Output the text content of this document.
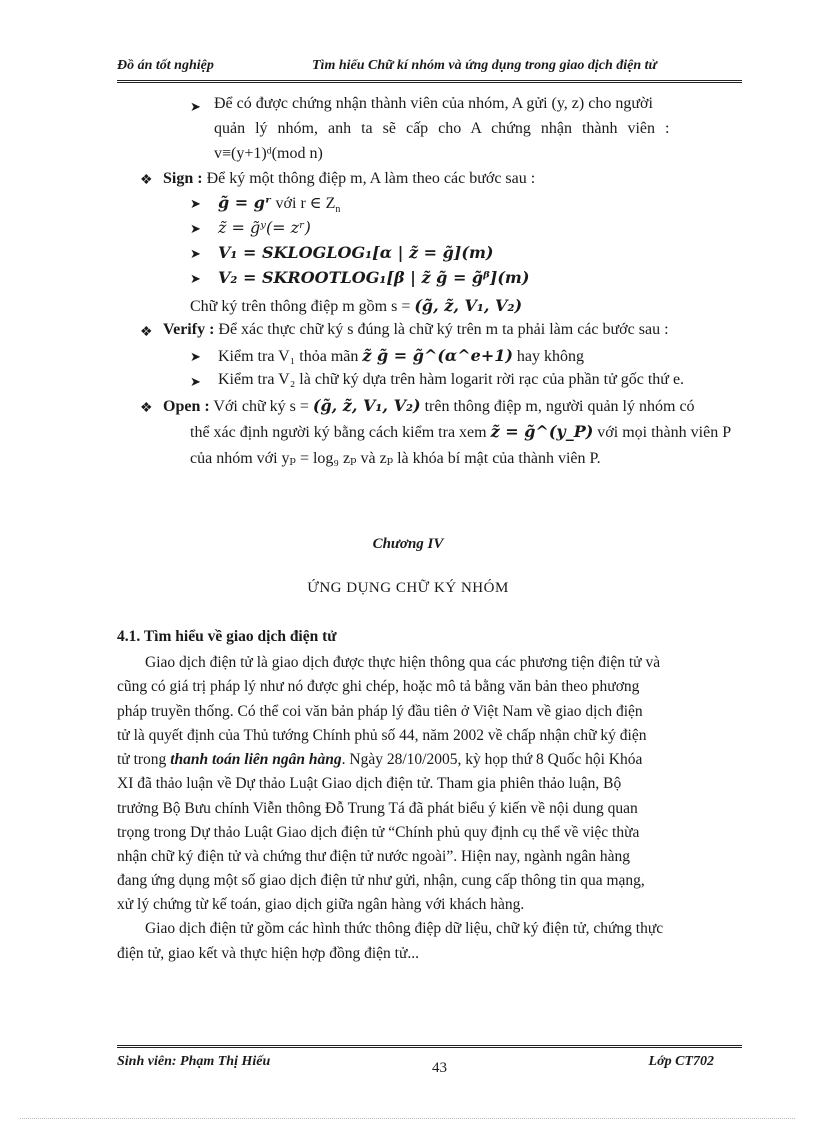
Đồ án tốt nghiệp	Tìm hiểu Chữ kí nhóm và ứng dụng trong giao dịch điện tử
➤ Để có được chứng nhận thành viên của nhóm, A gửi (y, z) cho người
quản lý nhóm, anh ta sẽ cấp cho A chứng nhận thành viên :
v≡(y+1)ᵈ(mod n)
❖ Sign : Để ký một thông điệp m, A làm theo các bước sau :
➤ g̃ = gʳ với r ∈ $Z_n$
➤ z̃ = g̃ʸ(= zʳ)
➤ V₁ = SKLOGLOG₁[α | z̃ = g̃](m)
➤ V₂ = SKROOTLOG₁[β | z̃ g̃ = g̃ᵝ](m)
Chữ ký trên thông điệp m gồm s = (g̃, z̃, V₁, V₂)
❖ Verify : Để xác thực chữ ký s đúng là chữ ký trên m ta phải làm các bước sau :
➤ Kiểm tra V₁ thỏa mãn z̃ g̃ = g̃^(α^e+1) hay không
➤ Kiểm tra V₂ là chữ ký dựa trên hàm logarit rời rạc của phần tử gốc thứ e.
❖ Open : Với chữ ký s = (g̃, z̃, V₁, V₂) trên thông điệp m, người quản lý nhóm có
thể xác định người ký bằng cách kiểm tra xem z̃ = g̃^(y_P) với mọi thành viên P
của nhóm với yₚ = log₉ zₚ và zₚ là khóa bí mật của thành viên P.
Chương IV
ỨNG DỤNG CHỮ KÝ NHÓM
4.1. Tìm hiểu về giao dịch điện tử
Giao dịch điện tử là giao dịch được thực hiện thông qua các phương tiện điện tử và
cũng có giá trị pháp lý như nó được ghi chép, hoặc mô tả bằng văn bản theo phương
pháp truyền thống. Có thể coi văn bản pháp lý đầu tiên ở Việt Nam về giao dịch điện
tử là quyết định của Thủ tướng Chính phủ số 44, năm 2002 về chấp nhận chữ ký điện
tử trong thanh toán liên ngân hàng. Ngày 28/10/2005, kỳ họp thứ 8 Quốc hội Khóa
XI đã thảo luận về Dự thảo Luật Giao dịch điện tử. Tham gia phiên thảo luận, Bộ
trưởng Bộ Bưu chính Viễn thông Đỗ Trung Tá đã phát biểu ý kiến về nội dung quan
trọng trong Dự thảo Luật Giao dịch điện tử “Chính phủ quy định cụ thể về việc thừa
nhận chữ ký điện tử và chứng thư điện tử nước ngoài”. Hiện nay, ngành ngân hàng
đang ứng dụng một số giao dịch điện tử như gửi, nhận, cung cấp thông tin qua mạng,
xử lý chứng từ kế toán, giao dịch giữa ngân hàng với khách hàng.
Giao dịch điện tử gồm các hình thức thông điệp dữ liệu, chữ ký điện tử, chứng thực
điện tử, giao kết và thực hiện hợp đồng điện tử...
Sinh viên: Phạm Thị Hiếu	43	Lớp CT702
